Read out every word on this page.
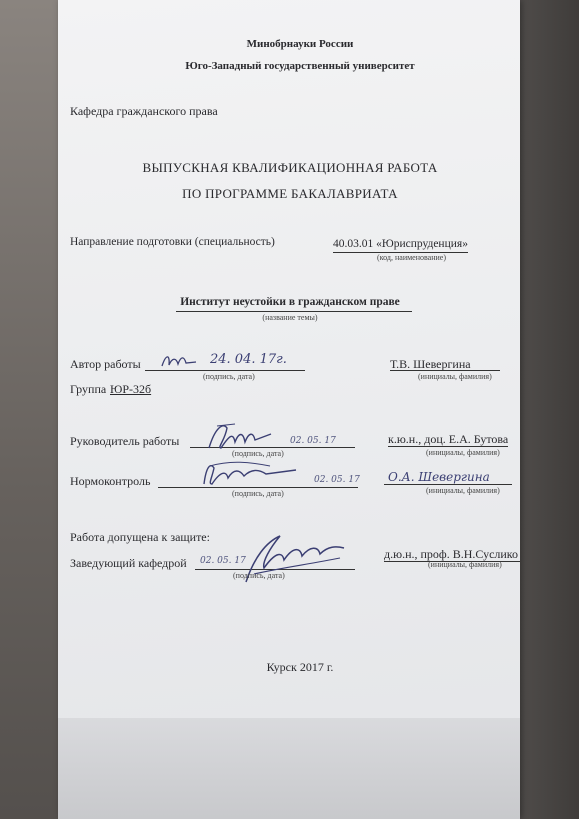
Минобрнауки России
Юго-Западный государственный университет
Кафедра гражданского права
ВЫПУСКНАЯ КВАЛИФИКАЦИОННАЯ РАБОТА
ПО ПРОГРАММЕ БАКАЛАВРИАТА
Направление подготовки (специальность)	40.03.01 «Юриспруденция»
(код, наименование)
Институт неустойки в гражданском праве
(название темы)
Автор работы	24. 04. 17г.
(подпись, дата)
Т.В. Шевергина
(инициалы, фамилия)
Группа ЮР-32б
Руководитель работы	02. 05. 17
(подпись, дата)
к.ю.н., доц. Е.А. Бутова
(инициалы, фамилия)
Нормоконтроль	02. 05. 17
(подпись, дата)
О.А. Шевергина
(инициалы, фамилия)
Работа допущена к защите:
Заведующий кафедрой 02. 05. 17
(подпись, дата)
д.ю.н., проф. В.Н.Суслико
(инициалы, фамилия)
Курск 2017 г.
